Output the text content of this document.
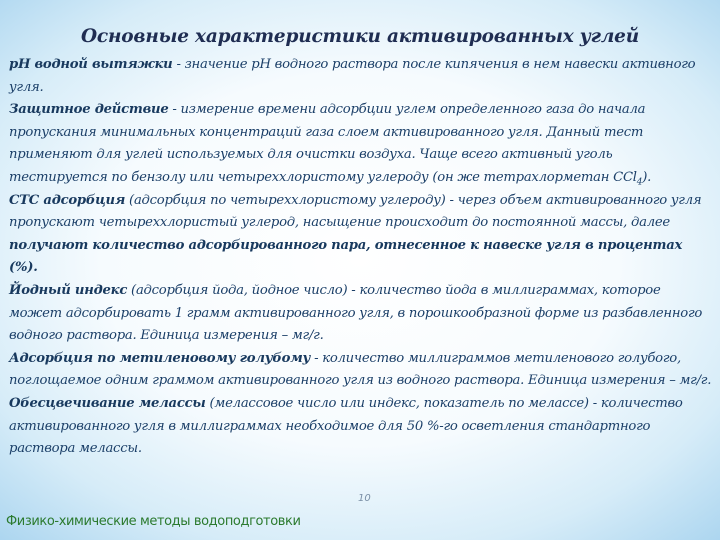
Основные характеристики активированных углей

рН водной вытяжки - значение рН водного раствора после кипячения в нем навески активного угля.

Защитное действие - измерение времени адсорбции углем определенного газа до начала пропускания минимальных концентраций газа слоем активированного угля. Данный тест применяют для углей используемых для очистки воздуха. Чаще всего активный уголь тестируется по бензолу или четыреххлористому углероду (он же тетрахлорметан CCl$_4$).

СТС адсорбция (адсорбция по четыреххлористому углероду) - через объем активированного угля пропускают четыреххлористый углерод, насыщение происходит до постоянной массы, далее получают количество адсорбированного пара, отнесенное к навеске угля в процентах (%).

Йодный индекс (адсорбция йода, йодное число) - количество йода в миллиграммах, которое может адсорбировать 1 грамм активированного угля, в порошкообразной форме из разбавленного водного раствора. Единица измерения – мг/г.

Адсорбция по метиленовому голубому - количество миллиграммов метиленового голубого, поглощаемое одним граммом активированного угля из водного раствора. Единица измерения – мг/г.

Обесцвечивание мелассы (мелассовое число или индекс, показатель по мелассе) - количество активированного угля в миллиграммах необходимое для 50 %-го осветления стандартного раствора мелассы.

10
Физико-химические методы водоподготовки
